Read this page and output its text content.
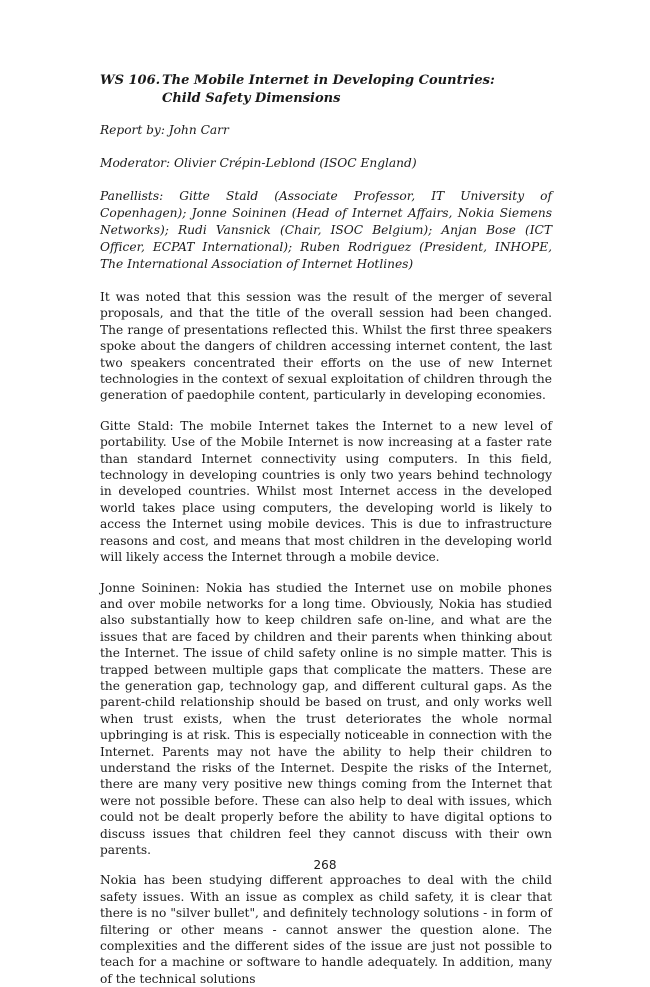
WS 106. The Mobile Internet in Developing Countries:
Child Safety Dimensions

Report by: John Carr

Moderator: Olivier Crépin-Leblond (ISOC England)

Panellists: Gitte Stald (Associate Professor, IT University of Copenhagen); Jonne Soininen (Head of Internet Affairs, Nokia Siemens Networks); Rudi Vansnick (Chair, ISOC Belgium); Anjan Bose (ICT Officer, ECPAT International); Ruben Rodriguez (President, INHOPE, The International Association of Internet Hotlines)

It was noted that this session was the result of the merger of several proposals, and that the title of the overall session had been changed. The range of presentations reflected this. Whilst the first three speakers spoke about the dangers of children accessing internet content, the last two speakers concentrated their efforts on the use of new Internet technologies in the context of sexual exploitation of children through the generation of paedophile content, particularly in developing economies.

Gitte Stald: The mobile Internet takes the Internet to a new level of portability. Use of the Mobile Internet is now increasing at a faster rate than standard Internet connectivity using computers. In this field, technology in developing countries is only two years behind technology in developed countries. Whilst most Internet access in the developed world takes place using computers, the developing world is likely to access the Internet using mobile devices. This is due to infrastructure reasons and cost, and means that most children in the developing world will likely access the Internet through a mobile device.

Jonne Soininen: Nokia has studied the Internet use on mobile phones and over mobile networks for a long time. Obviously, Nokia has studied also substantially how to keep children safe on-line, and what are the issues that are faced by children and their parents when thinking about the Internet. The issue of child safety online is no simple matter. This is trapped between multiple gaps that complicate the matters. These are the generation gap, technology gap, and different cultural gaps. As the parent-child relationship should be based on trust, and only works well when trust exists, when the trust deteriorates the whole normal upbringing is at risk. This is especially noticeable in connection with the Internet. Parents may not have the ability to help their children to understand the risks of the Internet. Despite the risks of the Internet, there are many very positive new things coming from the Internet that were not possible before. These can also help to deal with issues, which could not be dealt properly before the ability to have digital options to discuss issues that children feel they cannot discuss with their own parents.

Nokia has been studying different approaches to deal with the child safety issues. With an issue as complex as child safety, it is clear that there is no "silver bullet", and definitely technology solutions - in form of filtering or other means - cannot answer the question alone. The complexities and the different sides of the issue are just not possible to teach for a machine or software to handle adequately. In addition, many of the technical solutions

268
